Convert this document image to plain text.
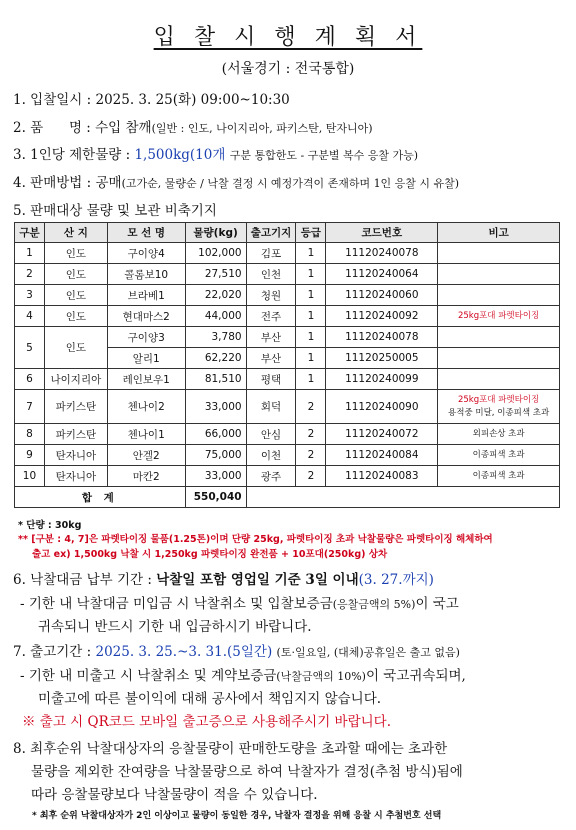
입 찰 시 행 계 획 서
(서울경기 : 전국통합)
1. 입찰일시 : 2025. 3. 25(화) 09:00~10:30
2. 품      명 : 수입 참깨(일반 : 인도, 나이지리아, 파키스탄, 탄자니아)
3. 1인당 제한물량 : 1,500kg(10개 구분 통합한도 - 구분별 복수 응찰 가능)
4. 판매방법 : 공매(고가순, 물량순 / 낙찰 결정 시 예정가격이 존재하며 1인 응찰 시 유찰)
5. 판매대상 물량 및 보관 비축기지
구분	산 지	모 선 명	물량(kg)	출고기지	등급	코드번호	비고
1	인도	구이양4	102,000	김포	1	11120240078	
2	인도	콜롬보10	27,510	인천	1	11120240064	
3	인도	브라베1	22,020	청원	1	11120240060	
4	인도	현대마스2	44,000	전주	1	11120240092	25kg포대 파렛타이징
5	인도	구이양3	3,780	부산	1	11120240078	
		알리1	62,220	부산	1	11120250005	
6	나이지리아	레인보우1	81,510	평택	1	11120240099	
7	파키스탄	첸나이2	33,000	회덕	2	11120240090	25kg포대 파렛타이징
용적중 미달, 이종피색 초과

8	파키스탄	첸나이1	66,000	안심	2	11120240072	외피손상 초과
9	탄자니아	안겔2	75,000	이천	2	11120240084	이종피색 초과
10	탄자니아	마칸2	33,000	광주	2	11120240083	이종피색 초과
합 계			550,040				
* 단량 : 30kg
** [구분 : 4, 7]은 파렛타이징 물품(1.25톤)이며 단량 25kg, 파렛타이징 초과 낙찰물량은 파렛타이징 해체하여
출고 ex) 1,500kg 낙찰 시 1,250kg 파렛타이징 완전품 + 10포대(250kg) 상차
6. 낙찰대금 납부 기간 : 낙찰일 포함 영업일 기준 3일 이내(3. 27.까지)
- 기한 내 낙찰대금 미입금 시 낙찰취소 및 입찰보증금(응찰금액의 5%)이 국고
귀속되니 반드시 기한 내 입금하시기 바랍니다.
7. 출고기간 : 2025. 3. 25.~3. 31.(5일간) (토·일요일, (대체)공휴일은 출고 없음)
- 기한 내 미출고 시 낙찰취소 및 계약보증금(낙찰금액의 10%)이 국고귀속되며,
미출고에 따른 불이익에 대해 공사에서 책임지지 않습니다.
※ 출고 시 QR코드 모바일 출고증으로 사용해주시기 바랍니다.
8. 최후순위 낙찰대상자의 응찰물량이 판매한도량을 초과할 때에는 초과한
물량을 제외한 잔여량을 낙찰물량으로 하여 낙찰자가 결정(추첨 방식)됨에
따라 응찰물량보다 낙찰물량이 적을 수 있습니다.
* 최후 순위 낙찰대상자가 2인 이상이고 물량이 동일한 경우, 낙찰자 결정을 위해 응찰 시 추첨번호 선택
